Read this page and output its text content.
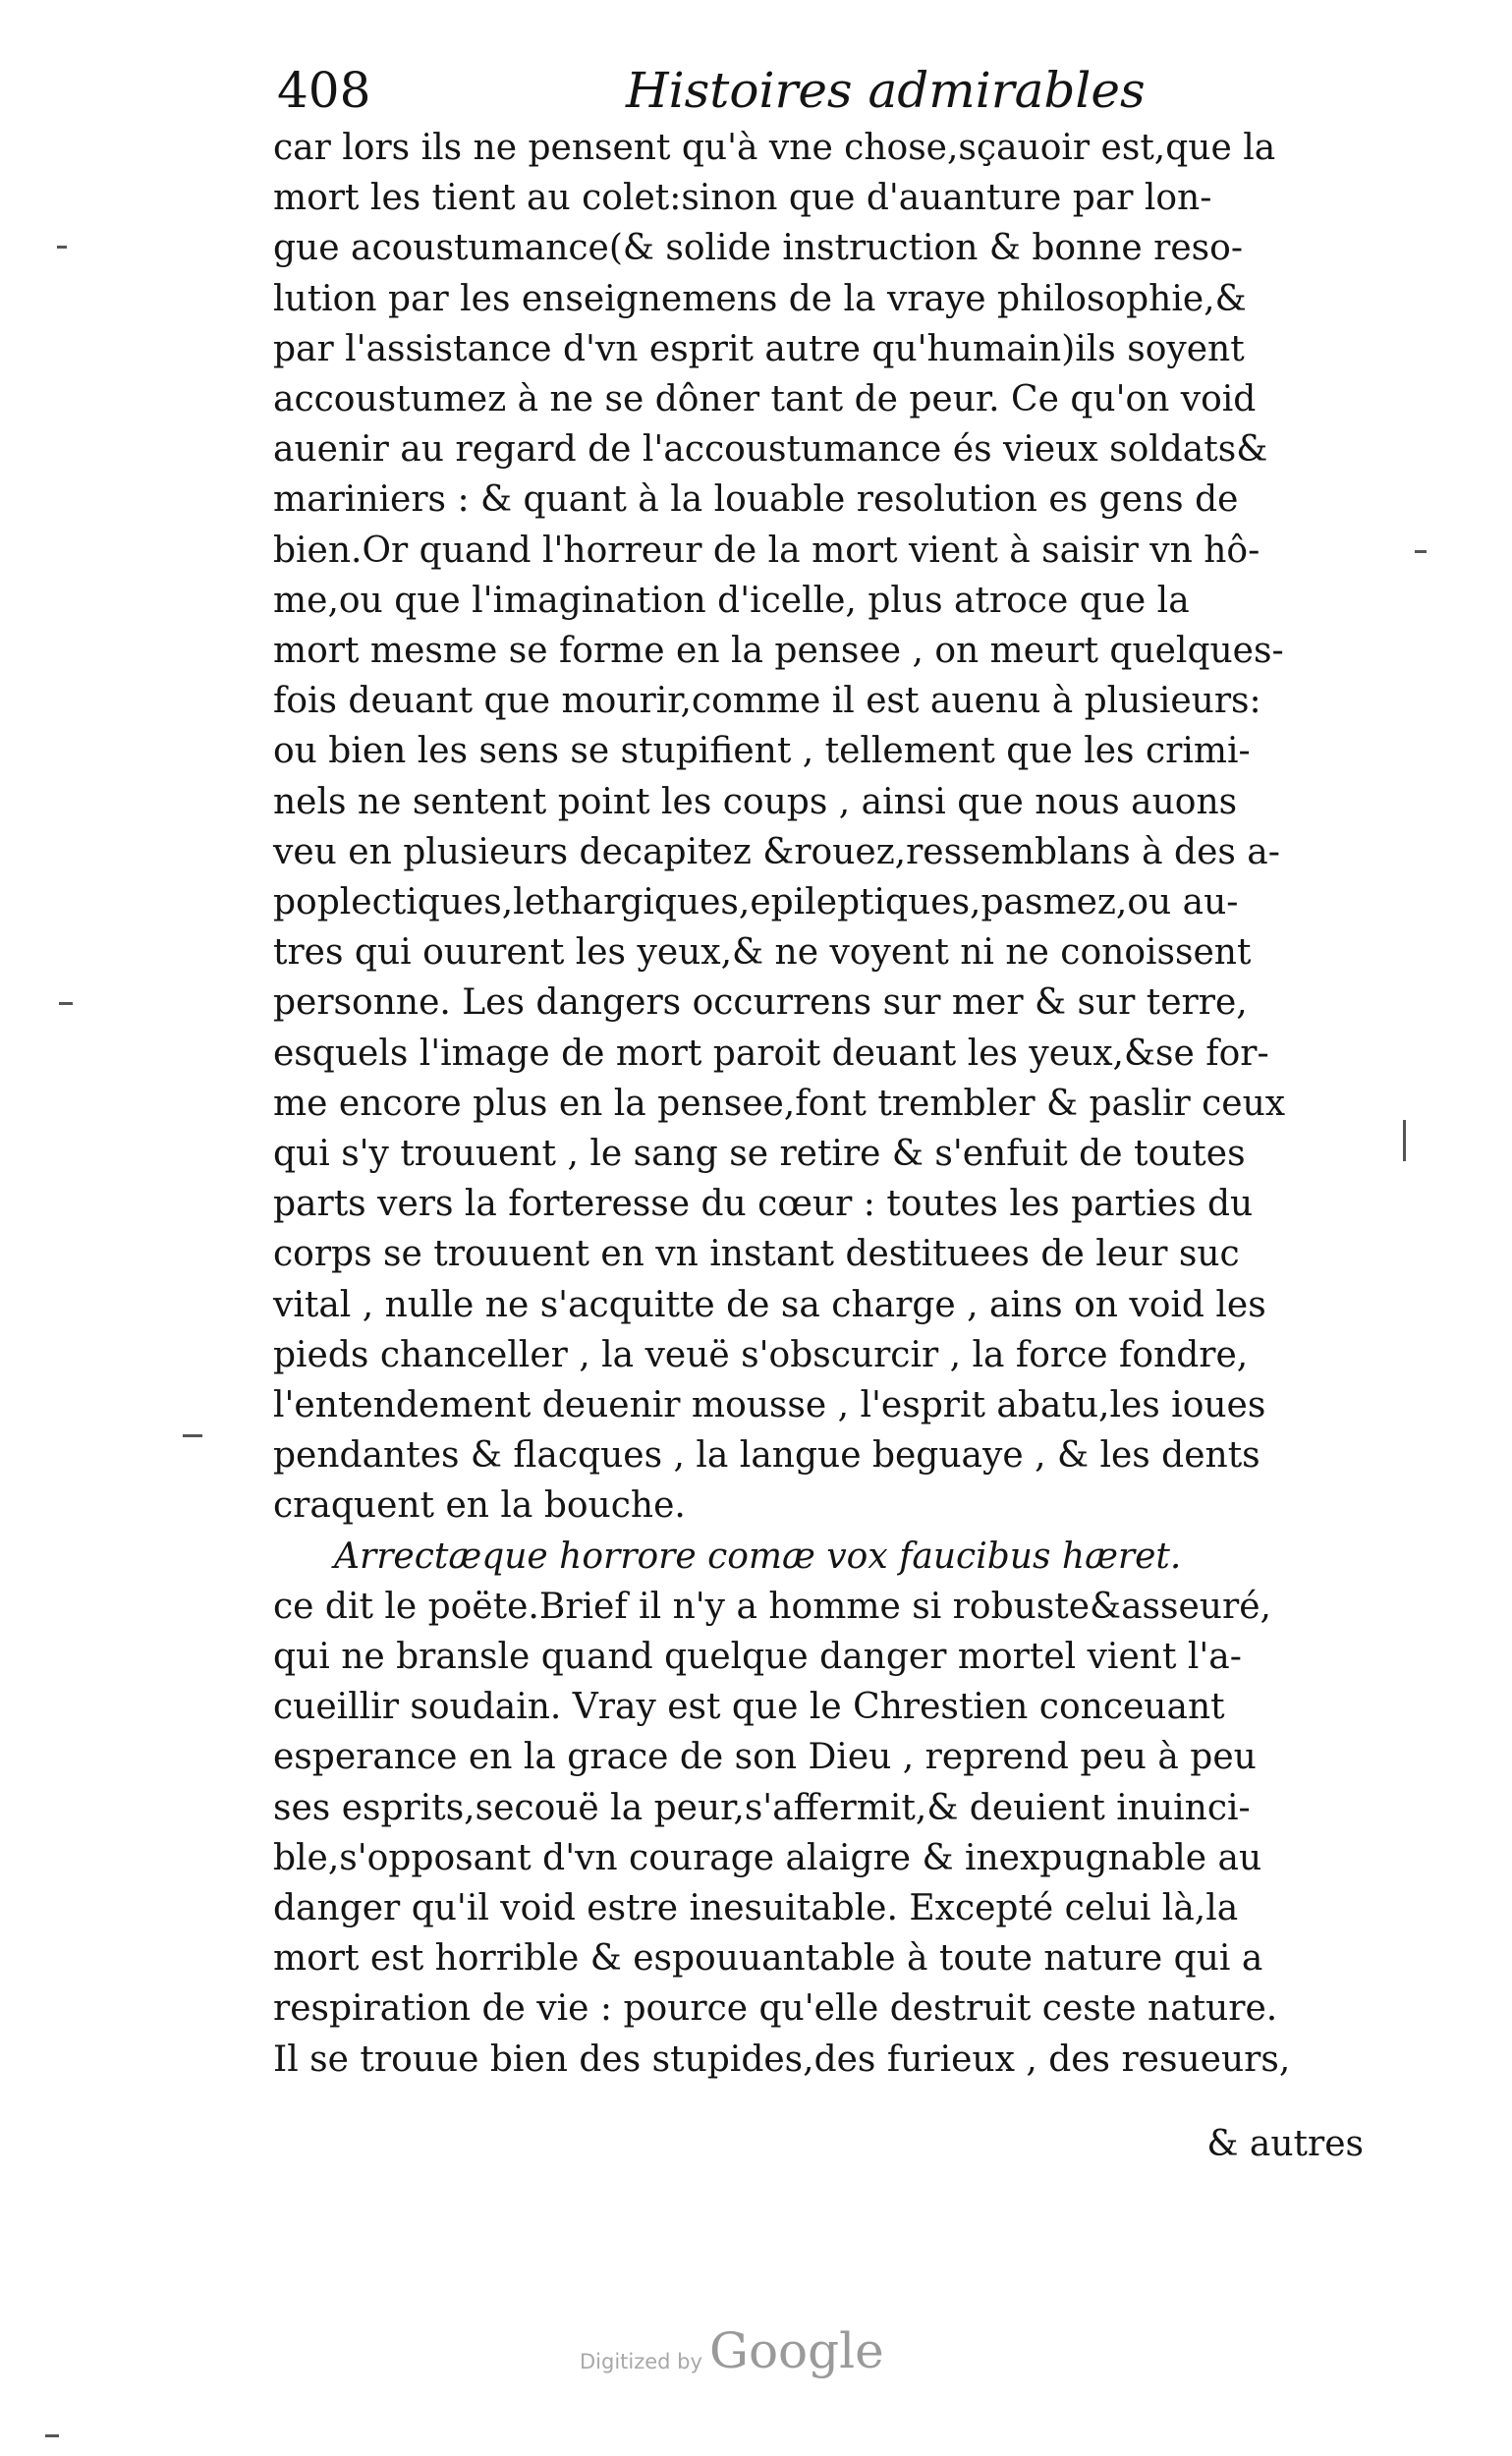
408	Histoires admirables
car lors ils ne pensent qu'à vne chose,sçauoir est,que la
mort les tient au colet:sinon que d'auanture par lon-
gue acoustumance(& solide instruction & bonne reso-
lution par les enseignemens de la vraye philosophie,&
par l'assistance d'vn esprit autre qu'humain)ils soyent
accoustumez à ne se dôner tant de peur. Ce qu'on void
auenir au regard de l'accoustumance és vieux soldats&
mariniers : & quant à la louable resolution es gens de
bien.Or quand l'horreur de la mort vient à saisir vn hô-
me,ou que l'imagination d'icelle, plus atroce que la
mort mesme se forme en la pensee , on meurt quelques-
fois deuant que mourir,comme il est auenu à plusieurs:
ou bien les sens se stupifient , tellement que les crimi-
nels ne sentent point les coups , ainsi que nous auons
veu en plusieurs decapitez &rouez,ressemblans à des a-
poplectiques,lethargiques,epileptiques,pasmez,ou au-
tres qui ouurent les yeux,& ne voyent ni ne conoissent
personne. Les dangers occurrens sur mer & sur terre,
esquels l'image de mort paroit deuant les yeux,&se for-
me encore plus en la pensee,font trembler & paslir ceux
qui s'y trouuent , le sang se retire & s'enfuit de toutes
parts vers la forteresse du cœur : toutes les parties du
corps se trouuent en vn instant destituees de leur suc
vital , nulle ne s'acquitte de sa charge , ains on void les
pieds chanceller , la veuë s'obscurcir , la force fondre,
l'entendement deuenir mousse , l'esprit abatu,les ioues
pendantes & flacques , la langue beguaye , & les dents
craquent en la bouche.
Arrectæque horrore comæ vox faucibus hæret.
ce dit le poëte.Brief il n'y a homme si robuste&asseuré,
qui ne bransle quand quelque danger mortel vient l'a-
cueillir soudain. Vray est que le Chrestien conceuant
esperance en la grace de son Dieu , reprend peu à peu
ses esprits,secouë la peur,s'affermit,& deuient inuinci-
ble,s'opposant d'vn courage alaigre & inexpugnable au
danger qu'il void estre inesuitable. Excepté celui là,la
mort est horrible & espouuantable à toute nature qui a
respiration de vie : pource qu'elle destruit ceste nature.
Il se trouue bien des stupides,des furieux , des resueurs,
& autres
Digitized by Google
